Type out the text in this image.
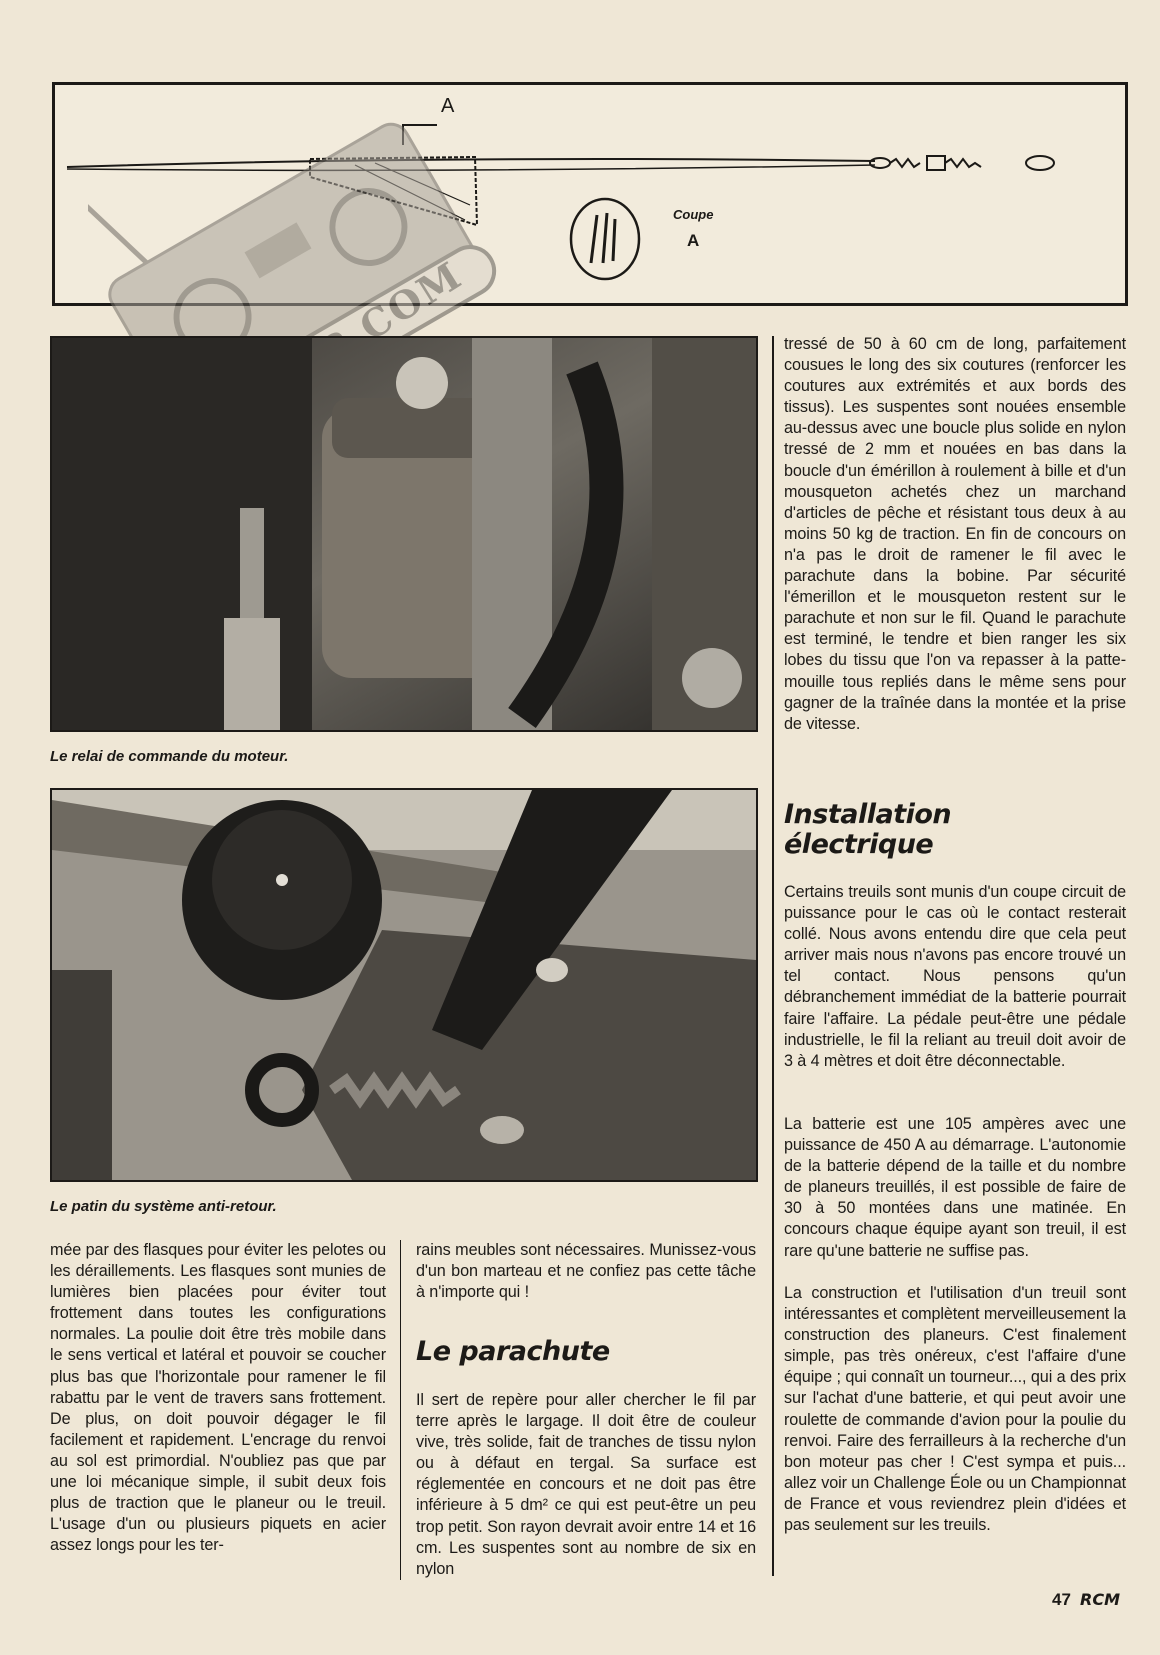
A
Coupe
A
Le relai de commande du moteur.
Le patin du système anti-retour.
mée par des flasques pour éviter les pelotes ou les déraillements. Les flasques sont munies de lumières bien placées pour éviter tout frottement dans toutes les configurations normales. La poulie doit être très mobile dans le sens vertical et latéral et pouvoir se coucher plus bas que l'horizontale pour ramener le fil rabattu par le vent de travers sans frottement. De plus, on doit pouvoir dégager le fil facilement et rapidement. L'encrage du renvoi au sol est primordial. N'oubliez pas que par une loi mécanique simple, il subit deux fois plus de traction que le planeur ou le treuil. L'usage d'un ou plusieurs piquets en acier assez longs pour les ter-
rains meubles sont nécessaires. Munissez-vous d'un bon marteau et ne confiez pas cette tâche à n'importe qui !
Le parachute
Il sert de repère pour aller chercher le fil par terre après le largage. Il doit être de couleur vive, très solide, fait de tranches de tissu nylon ou à défaut en tergal. Sa surface est réglementée en concours et ne doit pas être inférieure à 5 dm² ce qui est peut-être un peu trop petit. Son rayon devrait avoir entre 14 et 16 cm. Les suspentes sont au nombre de six en nylon
tressé de 50 à 60 cm de long, parfaitement cousues le long des six coutures (renforcer les coutures aux extrémités et aux bords des tissus). Les suspentes sont nouées ensemble au-dessus avec une boucle plus solide en nylon tressé de 2 mm et nouées en bas dans la boucle d'un émérillon à roulement à bille et d'un mousqueton achetés chez un marchand d'articles de pêche et résistant tous deux à au moins 50 kg de traction. En fin de concours on n'a pas le droit de ramener le fil avec le parachute dans la bobine. Par sécurité l'émerillon et le mousqueton restent sur le parachute et non sur le fil. Quand le parachute est terminé, le tendre et bien ranger les six lobes du tissu que l'on va repasser à la patte-mouille tous repliés dans le même sens pour gagner de la traînée dans la montée et la prise de vitesse.
Installation
électrique
Certains treuils sont munis d'un coupe circuit de puissance pour le cas où le contact resterait collé. Nous avons entendu dire que cela peut arriver mais nous n'avons pas encore trouvé un tel contact. Nous pensons qu'un débranchement immédiat de la batterie pourrait faire l'affaire. La pédale peut-être une pédale industrielle, le fil la reliant au treuil doit avoir de 3 à 4 mètres et doit être déconnectable.
La batterie est une 105 ampères avec une puissance de 450 A au démarrage. L'autonomie de la batterie dépend de la taille et du nombre de planeurs treuillés, il est possible de faire de 30 à 50 montées dans une matinée. En concours chaque équipe ayant son treuil, il est rare qu'une batterie ne suffise pas.
La construction et l'utilisation d'un treuil sont intéressantes et complètent merveilleusement la construction des planeurs. C'est finalement simple, pas très onéreux, c'est l'affaire d'une équipe ; qui connaît un tourneur..., qui a des prix sur l'achat d'une batterie, et qui peut avoir une roulette de commande d'avion pour la poulie du renvoi. Faire des ferrailleurs à la recherche d'un bon moteur pas cher ! C'est sympa et puis... allez voir un Challenge Éole ou un Championnat de France et vous reviendrez plein d'idées et pas seulement sur les treuils.
47 RCM
